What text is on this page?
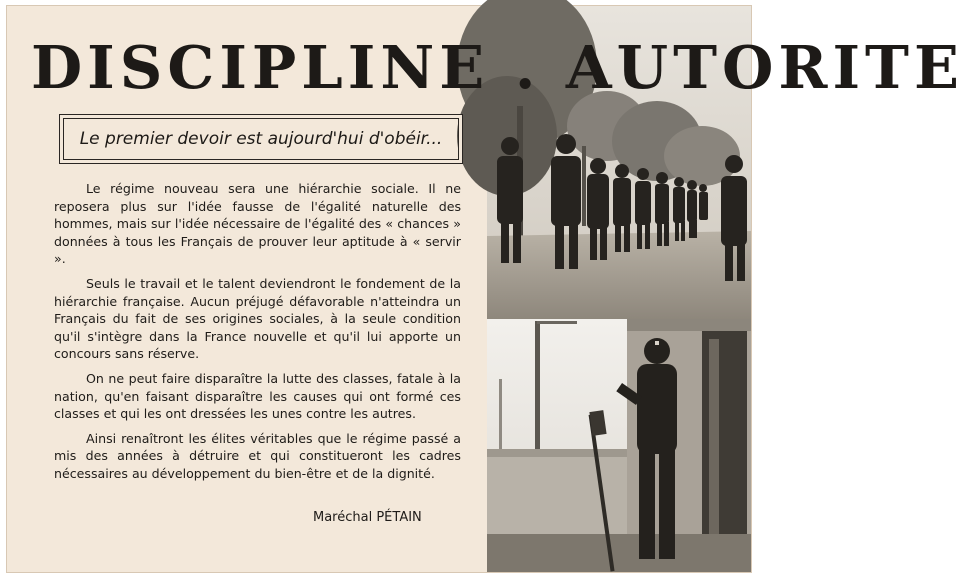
DISCIPLINE . AUTORITE
Le premier devoir est aujourd'hui d'obéir...

Le régime nouveau sera une hiérarchie sociale. Il ne reposera plus sur l'idée fausse de l'égalité naturelle des hommes, mais sur l'idée nécessaire de l'égalité des « chances » données à tous les Français de prouver leur aptitude à « servir ».

Seuls le travail et le talent deviendront le fondement de la hiérarchie française. Aucun préjugé défavorable n'atteindra un Français du fait de ses origines sociales, à la seule condition qu'il s'intègre dans la France nouvelle et qu'il lui apporte un concours sans réserve.

On ne peut faire disparaître la lutte des classes, fatale à la nation, qu'en faisant disparaître les causes qui ont formé ces classes et qui les ont dressées les unes contre les autres.

Ainsi renaîtront les élites véritables que le régime passé a mis des années à détruire et qui constitueront les cadres nécessaires au développement du bien-être et de la dignité.

Maréchal PÉTAIN
